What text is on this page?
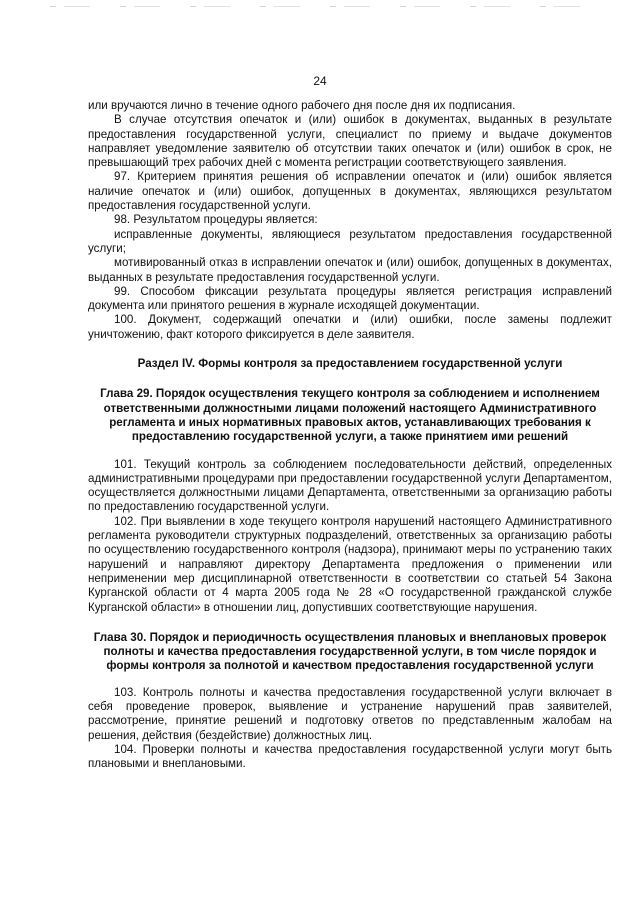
24

или вручаются лично в течение одного рабочего дня после дня их подписания.

В случае отсутствия опечаток и (или) ошибок в документах, выданных в результате предоставления государственной услуги, специалист по приему и выдаче документов направляет уведомление заявителю об отсутствии таких опечаток и (или) ошибок в срок, не превышающий трех рабочих дней с момента регистрации соответствующего заявления.

97. Критерием принятия решения об исправлении опечаток и (или) ошибок является наличие опечаток и (или) ошибок, допущенных в документах, являющихся результатом предоставления государственной услуги.

98. Результатом процедуры является:

исправленные документы, являющиеся результатом предоставления государственной услуги;

мотивированный отказ в исправлении опечаток и (или) ошибок, допущенных в документах, выданных в результате предоставления государственной услуги.

99. Способом фиксации результата процедуры является регистрация исправлений документа или принятого решения в журнале исходящей документации.

100. Документ, содержащий опечатки и (или) ошибки, после замены подлежит уничтожению, факт которого фиксируется в деле заявителя.

Раздел IV. Формы контроля за предоставлением государственной услуги

Глава 29. Порядок осуществления текущего контроля за соблюдением и исполнением ответственными должностными лицами положений настоящего Административного регламента и иных нормативных правовых актов, устанавливающих требования к предоставлению государственной услуги, а также принятием ими решений

101. Текущий контроль за соблюдением последовательности действий, определенных административными процедурами при предоставлении государственной услуги Департаментом, осуществляется должностными лицами Департамента, ответственными за организацию работы по предоставлению государственной услуги.

102. При выявлении в ходе текущего контроля нарушений настоящего Административного регламента руководители структурных подразделений, ответственных за организацию работы по осуществлению государственного контроля (надзора), принимают меры по устранению таких нарушений и направляют директору Департамента предложения о применении или неприменении мер дисциплинарной ответственности в соответствии со статьей 54 Закона Курганской области от 4 марта 2005 года № 28 «О государственной гражданской службе Курганской области» в отношении лиц, допустивших соответствующие нарушения.

Глава 30. Порядок и периодичность осуществления плановых и внеплановых проверок полноты и качества предоставления государственной услуги, в том числе порядок и формы контроля за полнотой и качеством предоставления государственной услуги

103. Контроль полноты и качества предоставления государственной услуги включает в себя проведение проверок, выявление и устранение нарушений прав заявителей, рассмотрение, принятие решений и подготовку ответов по представленным жалобам на решения, действия (бездействие) должностных лиц.

104. Проверки полноты и качества предоставления государственной услуги могут быть плановыми и внеплановыми.
